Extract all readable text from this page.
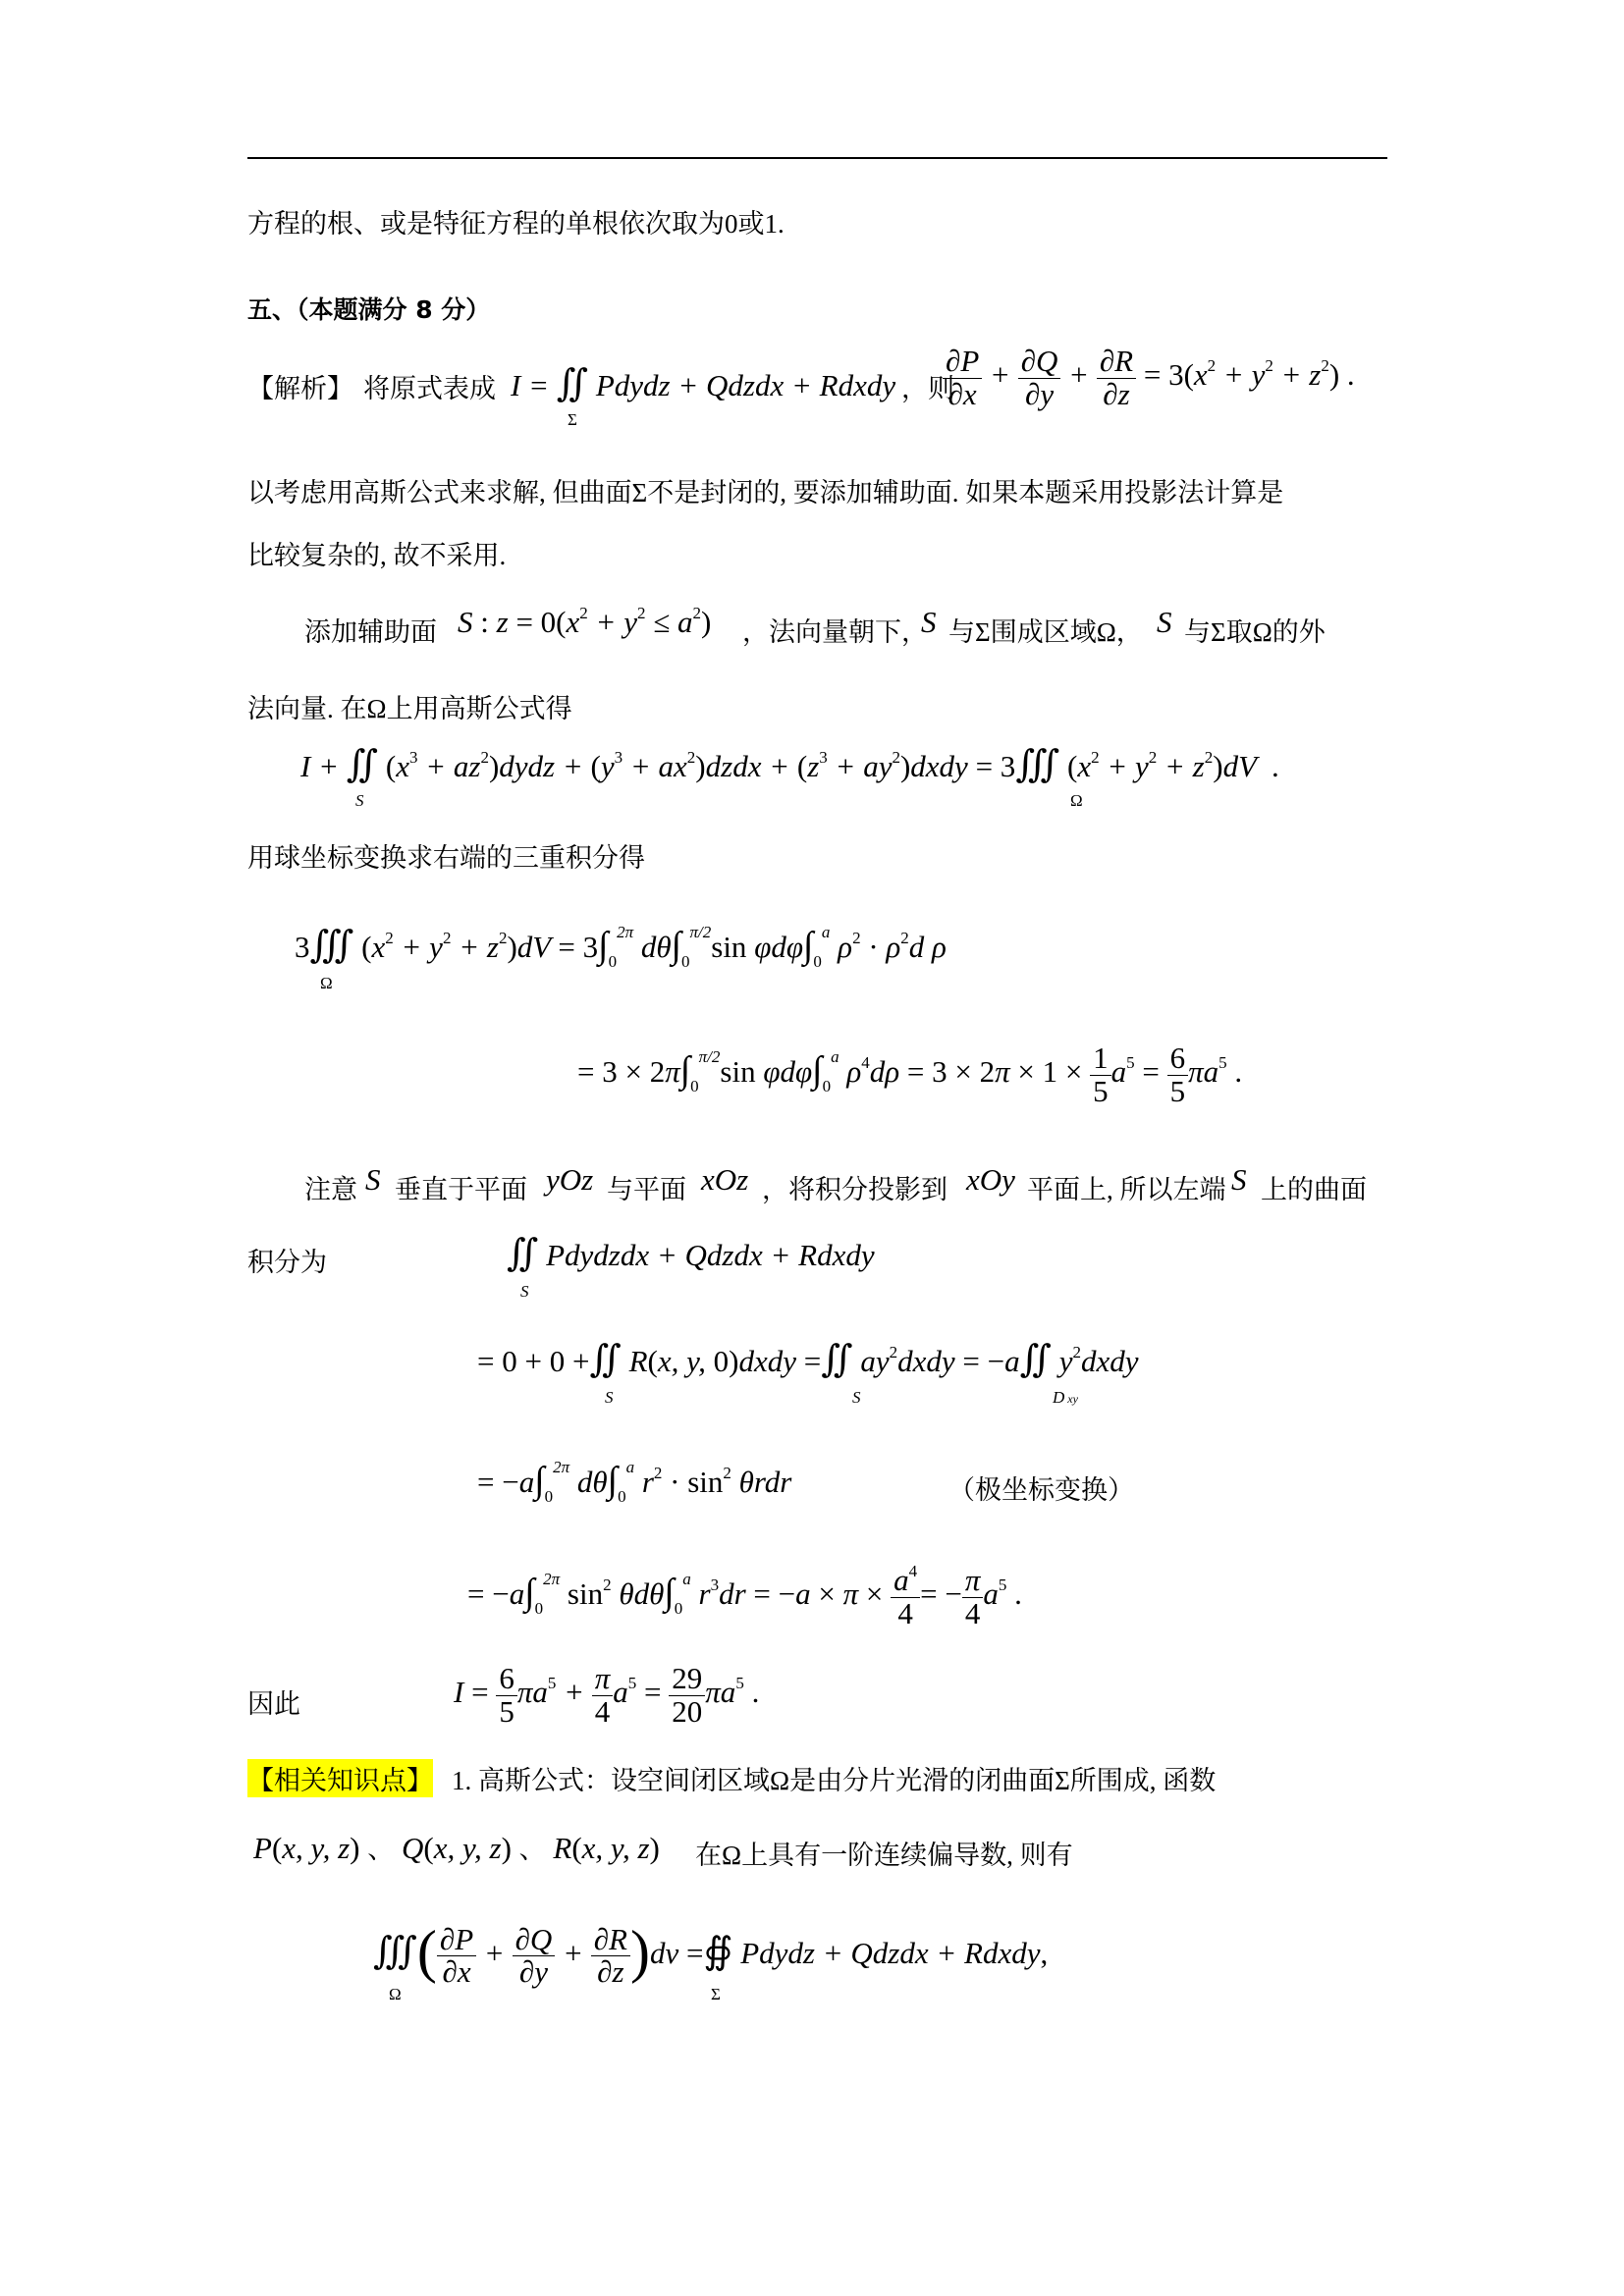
方程的根、或是特征方程的单根依次取为0或1.
五、（本题满分 8 分）
【解析】 将原式表成 I = ∬ Pdydz + Qdzdx + Rdxdy
Σ
，则
$\frac{\partial P}{\partial x} + \frac{\partial Q}{\partial y} + \frac{\partial R}{\partial z} = 3(x^2 + y^2 + z^2)$ .
以考虑用高斯公式来求解, 但曲面Σ不是封闭的, 要添加辅助面. 如果本题采用投影法计算是
比较复杂的, 故不采用.
添加辅助面 S : $z = 0(x^2 + y^2 \le a^2)$ ，法向量朝下，
S 与Σ围成区域Ω， S 与Σ取Ω的外
法向量. 在Ω上用高斯公式得
I + ∬ ($x^3$ + $az^2)dydz + (y^3$ + $ax^2)dzdx + (z^3$ + $ay^2)dxdy$ = 3∭ $(x^2 + y^2 + z^2)dV$  .
S	Ω
用球坐标变换求右端的三重积分得
3∭ $(x^2 + y^2 + z^2)dV = 3\int_0^{2\pi}$ $d\theta\int_0^{\pi/2}\sin$ $\varphi d\varphi\int_0^a$ $\rho^2 \cdot \rho^2d$ ρ
Ω
= $3 \times 2\pi\int_0^{\pi/2}\sin$ $\varphi d\varphi\int_0^a$ $\rho^4d\rho = 3 \times 2\pi \times 1 \times \frac{1}{5} a^5 = \frac{6}{5} \pi a^5$ .
注意 S 垂直于平面 yOz 与平面 xOz ，将积分投影到 xOy 平面上, 所以左端 S 上的曲面
积分为	∬ Pdydzdx + Qdzdx + Rdxdy
S
= 0 + 0 +∬ R(x, y, 0)dxdy =∬ $ay^2dxdy$ = −a∬ $y^2dxdy$
S	S	D xy
= $-a\int_0^{2\pi}$ $d\theta\int_0^a$ $r^2 \cdot \sin^2 \theta rdr$	（极坐标变换）
= $-a\int_0^{2\pi}$ $\sin^2 \theta d\theta\int_0^a$ $r^3dr = -a \times \pi \times \frac{a^4}{4}$ = − $\frac{\pi}{4} a^5$ .
因此	$I = \frac{6}{5} \pi a^5 + \frac{\pi}{4} a^5 = \frac{29}{20} \pi a^5$ .
【相关知识点】 1. 高斯公式：设空间闭区域Ω是由分片光滑的闭曲面Σ所围成, 函数
P(x, y, z) 、 Q(x, y, z) 、 R(x, y, z) 在Ω上具有一阶连续偏导数, 则有
∭( $\frac{\partial P}{\partial x} + \frac{\partial Q}{\partial y} + \frac{\partial R}{\partial z} )dv$ =∯ Pdydz + Qdzdx + Rdxdy,
Ω	Σ
